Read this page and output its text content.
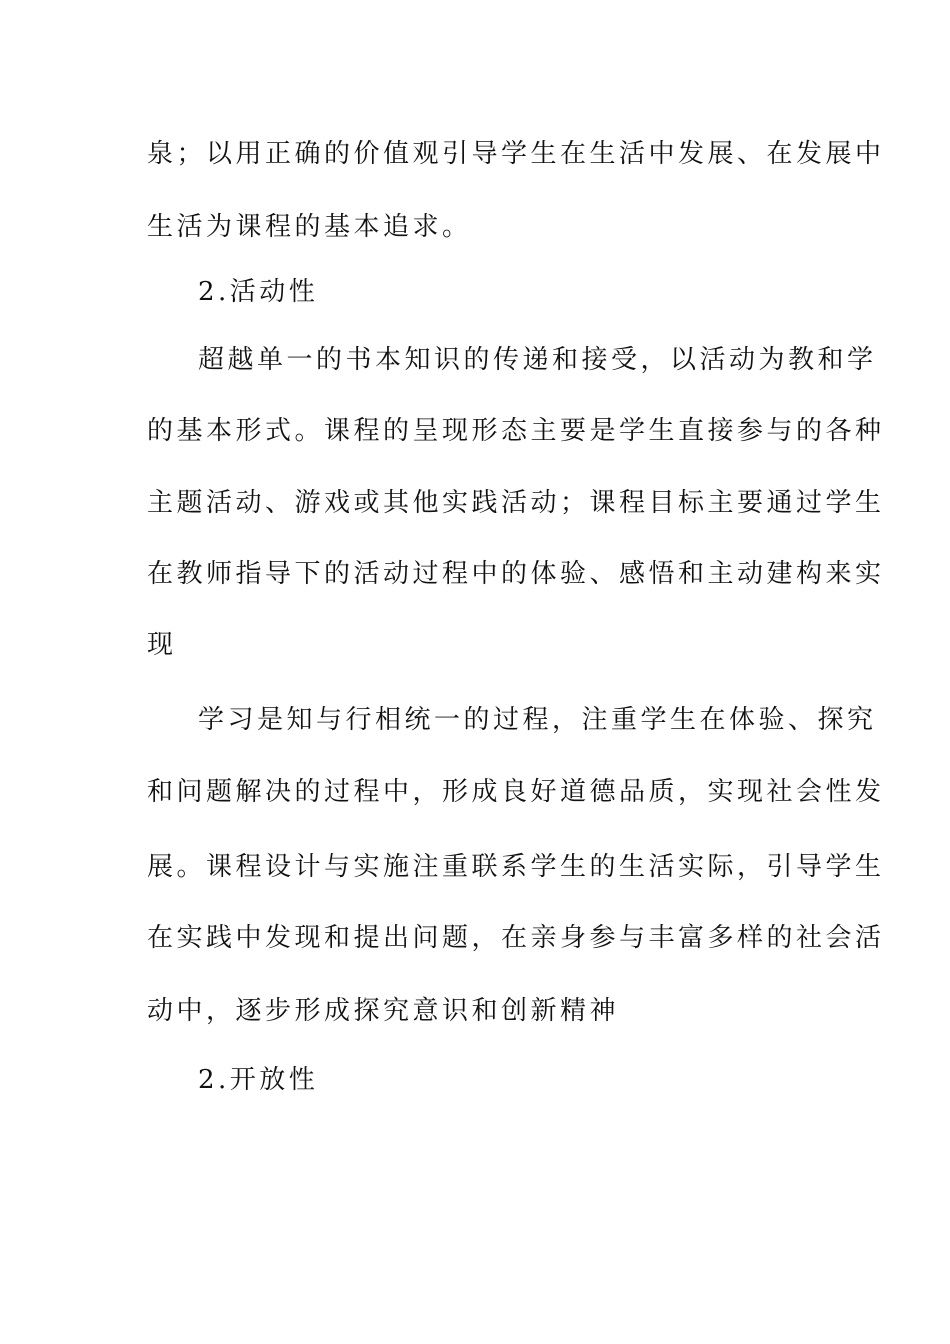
泉；以用正确的价值观引导学生在生活中发展、在发展中
生活为课程的基本追求。
2.活动性
超越单一的书本知识的传递和接受，以活动为教和学
的基本形式。课程的呈现形态主要是学生直接参与的各种
主题活动、游戏或其他实践活动；课程目标主要通过学生
在教师指导下的活动过程中的体验、感悟和主动建构来实
现
学习是知与行相统一的过程，注重学生在体验、探究
和问题解决的过程中，形成良好道德品质，实现社会性发
展。课程设计与实施注重联系学生的生活实际，引导学生
在实践中发现和提出问题，在亲身参与丰富多样的社会活
动中，逐步形成探究意识和创新精神
2.开放性
